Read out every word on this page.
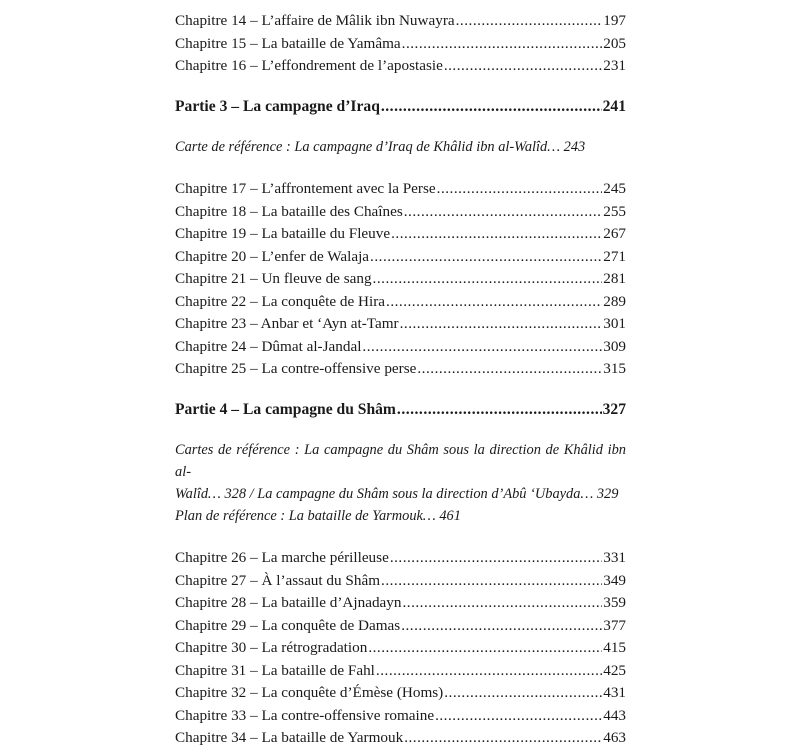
Chapitre 14 – L’affaire de Mâlik ibn Nuwayra .....	197
Chapitre 15 – La bataille de Yamâma .....	205
Chapitre 16 – L’effondrement de l’apostasie .....	231
Partie 3 – La campagne d’Iraq .....	241
Carte de référence : La campagne d’Iraq de Khâlid ibn al-Walîd… 243
Chapitre 17 – L’affrontement avec la Perse .....	245
Chapitre 18 – La bataille des Chaînes .....	255
Chapitre 19 – La bataille du Fleuve .....	267
Chapitre 20 – L’enfer de Walaja .....	271
Chapitre 21 – Un fleuve de sang .....	281
Chapitre 22 – La conquête de Hira .....	289
Chapitre 23 – Anbar et ‘Ayn at-Tamr .....	301
Chapitre 24 – Dûmat al-Jandal .....	309
Chapitre 25 – La contre-offensive perse .....	315
Partie 4 – La campagne du Shâm .....	327
Cartes de référence : La campagne du Shâm sous la direction de Khâlid ibn al-
Walîd… 328 / La campagne du Shâm sous la direction d’Abû ‘Ubayda… 329
Plan de référence : La bataille de Yarmouk… 461
Chapitre 26 – La marche périlleuse .....	331
Chapitre 27 – À l’assaut du Shâm .....	349
Chapitre 28 – La bataille d’Ajnadayn .....	359
Chapitre 29 – La conquête de Damas .....	377
Chapitre 30 – La rétrogradation .....	415
Chapitre 31 – La bataille de Fahl .....	425
Chapitre 32 – La conquête d’Émèse (Homs) .....	431
Chapitre 33 – La contre-offensive romaine .....	443
Chapitre 34 – La bataille de Yarmouk .....	463
